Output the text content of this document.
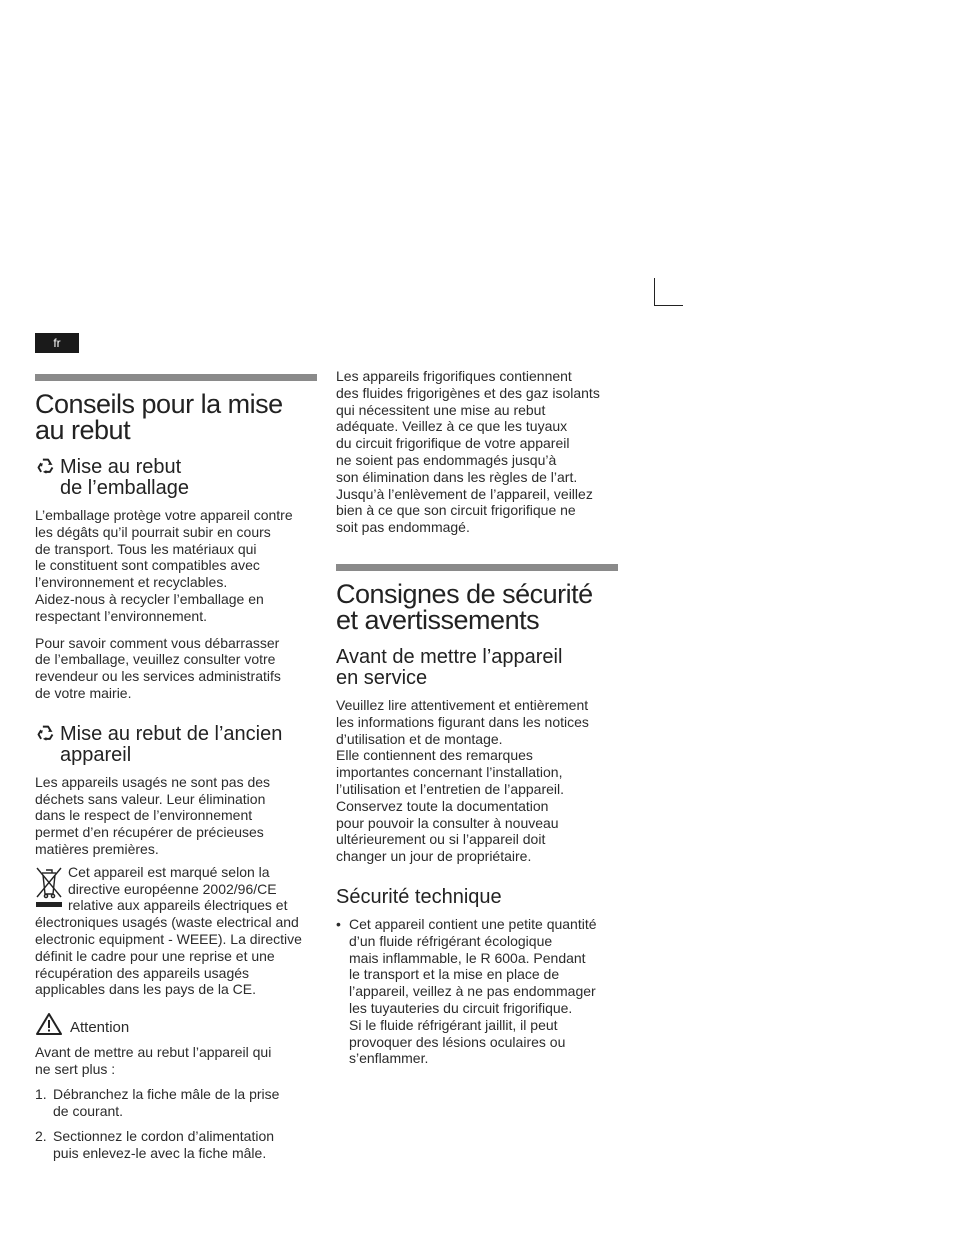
fr
Conseils pour la mise
au rebut
Mise au rebut
de l’emballage

L’emballage protège votre appareil contre
les dégâts qu’il pourrait subir en cours
de transport. Tous les matériaux qui
le constituent sont compatibles avec
l’environnement et recyclables.
Aidez-nous à recycler l’emballage en
respectant l’environnement.

Pour savoir comment vous débarrasser
de l’emballage, veuillez consulter votre
revendeur ou les services administratifs
de votre mairie.

Mise au rebut de l’ancien
appareil

Les appareils usagés ne sont pas des
déchets sans valeur. Leur élimination
dans le respect de l’environnement
permet d’en récupérer de précieuses
matières premières.

Cet appareil est marqué selon la directive européenne 2002/96/CE relative aux appareils électriques et électroniques usagés (waste electrical and electronic equipment - WEEE). La directive définit le cadre pour une reprise et une récupération des appareils usagés applicables dans les pays de la CE.
Attention

Avant de mettre au rebut l’appareil qui
ne sert plus :

1. Débranchez la fiche mâle de la prise
de courant.
2. Sectionnez le cordon d’alimentation
puis enlevez-le avec la fiche mâle.

Les appareils frigorifiques contiennent
des fluides frigorigènes et des gaz isolants
qui nécessitent une mise au rebut
adéquate. Veillez à ce que les tuyaux
du circuit frigorifique de votre appareil
ne soient pas endommagés jusqu’à
son élimination dans les règles de l’art.
Jusqu’à l’enlèvement de l’appareil, veillez
bien à ce que son circuit frigorifique ne
soit pas endommagé.

Consignes de sécurité
et avertissements
Avant de mettre l’appareil
en service

Veuillez lire attentivement et entièrement
les informations figurant dans les notices
d’utilisation et de montage.
Elle contiennent des remarques
importantes concernant l’installation,
l’utilisation et l’entretien de l’appareil.
Conservez toute la documentation
pour pouvoir la consulter à nouveau
ultérieurement ou si l’appareil doit
changer un jour de propriétaire.

Sécurité technique
• Cet appareil contient une petite quantité
d’un fluide réfrigérant écologique
mais inflammable, le R 600a. Pendant
le transport et la mise en place de
l’appareil, veillez à ne pas endommager
les tuyauteries du circuit frigorifique.
Si le fluide réfrigérant jaillit, il peut
provoquer des lésions oculaires ou
s’enflammer.
